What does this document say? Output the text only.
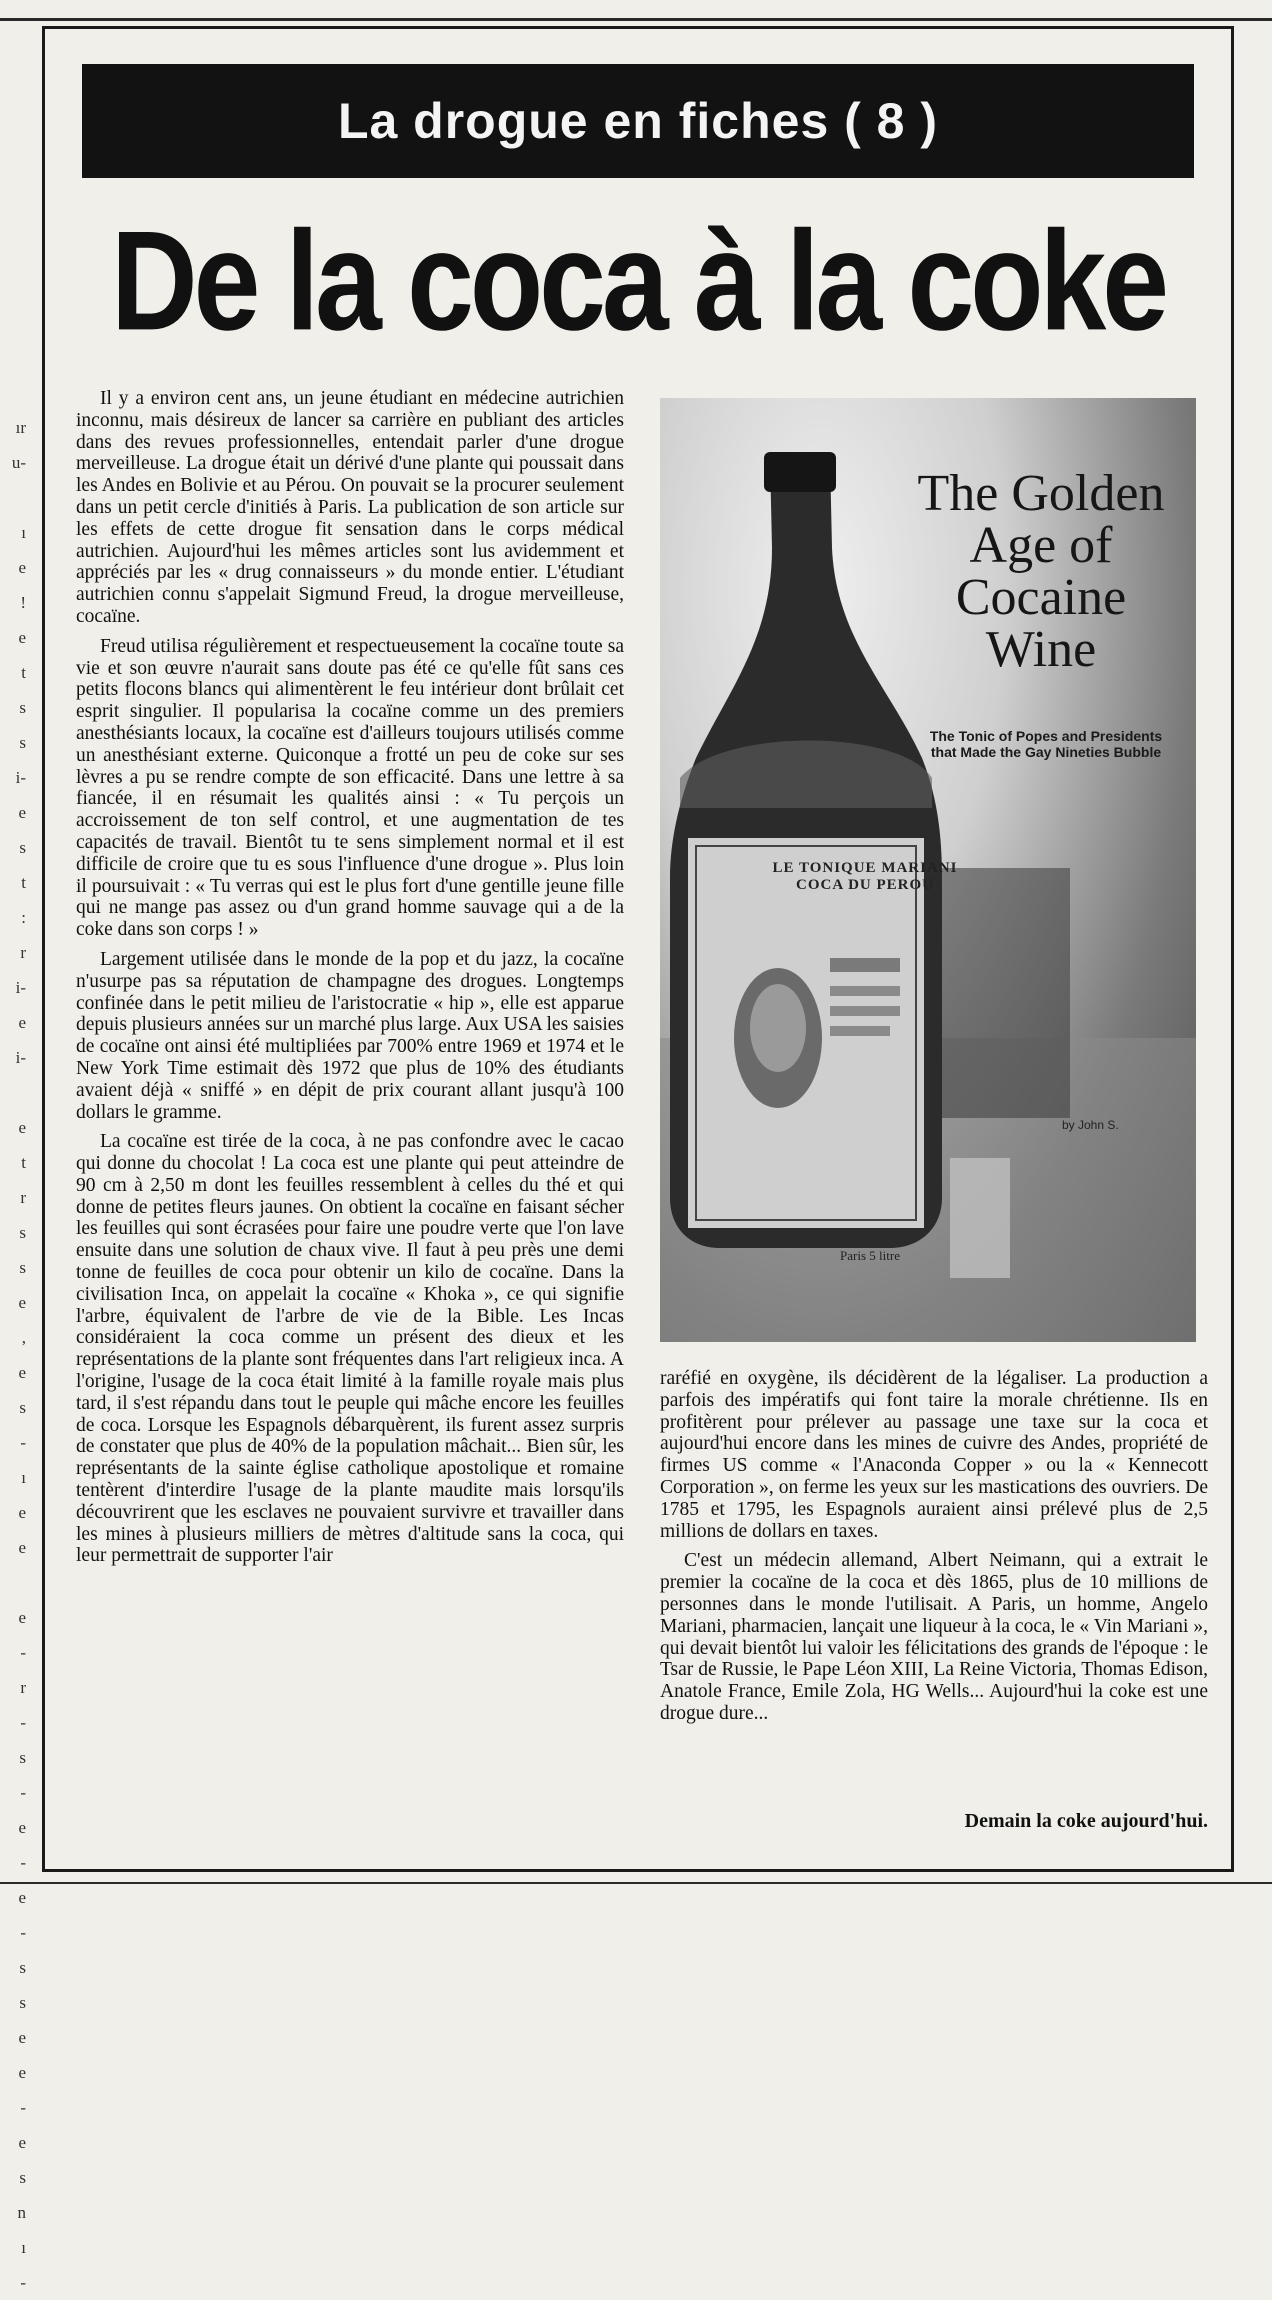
ır
u-

ı
e
!
e
t
s
s
i-
e
s
t
:
r
i-
e
i-

e
t
r
s
s
e
,
e
s
-
ı
e
e

e
-
r
-
s
-
e
-
e
-
s
s
e
e
-
e
s
n
ı
-
La drogue en fiches ( 8 )
De la coca à la coke

Il y a environ cent ans, un jeune étudiant en médecine autrichien inconnu, mais désireux de lancer sa carrière en publiant des articles dans des revues professionnelles, entendait parler d'une drogue merveilleuse. La drogue était un dérivé d'une plante qui poussait dans les Andes en Bolivie et au Pérou. On pouvait se la procurer seulement dans un petit cercle d'initiés à Paris. La publication de son article sur les effets de cette drogue fit sensation dans le corps médical autrichien. Aujourd'hui les mêmes articles sont lus avidemment et appréciés par les « drug connaisseurs » du monde entier. L'étudiant autrichien connu s'appelait Sigmund Freud, la drogue merveilleuse, cocaïne.

Freud utilisa régulièrement et respectueusement la cocaïne toute sa vie et son œuvre n'aurait sans doute pas été ce qu'elle fût sans ces petits flocons blancs qui alimentèrent le feu intérieur dont brûlait cet esprit singulier. Il popularisa la cocaïne comme un des premiers anesthésiants locaux, la cocaïne est d'ailleurs toujours utilisés comme un anesthésiant externe. Quiconque a frotté un peu de coke sur ses lèvres a pu se rendre compte de son efficacité. Dans une lettre à sa fiancée, il en résumait les qualités ainsi : « Tu perçois un accroissement de ton self control, et une augmentation de tes capacités de travail. Bientôt tu te sens simplement normal et il est difficile de croire que tu es sous l'influence d'une drogue ». Plus loin il poursuivait : « Tu verras qui est le plus fort d'une gentille jeune fille qui ne mange pas assez ou d'un grand homme sauvage qui a de la coke dans son corps ! »

Largement utilisée dans le monde de la pop et du jazz, la cocaïne n'usurpe pas sa réputation de champagne des drogues. Longtemps confinée dans le petit milieu de l'aristocratie « hip », elle est apparue depuis plusieurs années sur un marché plus large. Aux USA les saisies de cocaïne ont ainsi été multipliées par 700% entre 1969 et 1974 et le New York Time estimait dès 1972 que plus de 10% des étudiants avaient déjà « sniffé » en dépit de prix courant allant jusqu'à 100 dollars le gramme.

La cocaïne est tirée de la coca, à ne pas confondre avec le cacao qui donne du chocolat ! La coca est une plante qui peut atteindre de 90 cm à 2,50 m dont les feuilles ressemblent à celles du thé et qui donne de petites fleurs jaunes. On obtient la cocaïne en faisant sécher les feuilles qui sont écrasées pour faire une poudre verte que l'on lave ensuite dans une solution de chaux vive. Il faut à peu près une demi tonne de feuilles de coca pour obtenir un kilo de cocaïne. Dans la civilisation Inca, on appelait la cocaïne « Khoka », ce qui signifie l'arbre, équivalent de l'arbre de vie de la Bible. Les Incas considéraient la coca comme un présent des dieux et les représentations de la plante sont fréquentes dans l'art religieux inca. A l'origine, l'usage de la coca était limité à la famille royale mais plus tard, il s'est répandu dans tout le peuple qui mâche encore les feuilles de coca. Lorsque les Espagnols débarquèrent, ils furent assez surpris de constater que plus de 40% de la population mâchait... Bien sûr, les représentants de la sainte église catholique apostolique et romaine tentèrent d'interdire l'usage de la plante maudite mais lorsqu'ils découvrirent que les esclaves ne pouvaient survivre et travailler dans les mines à plusieurs milliers de mètres d'altitude sans la coca, qui leur permettrait de supporter l'air

The Golden Age of Cocaine Wine
The Tonic of Popes and Presidents that Made the Gay Nineties Bubble
LE TONIQUE MARIANI COCA DU PEROU
Paris 5 litre
by John S.

raréfié en oxygène, ils décidèrent de la légaliser. La production a parfois des impératifs qui font taire la morale chrétienne. Ils en profitèrent pour prélever au passage une taxe sur la coca et aujourd'hui encore dans les mines de cuivre des Andes, propriété de firmes US comme « l'Anaconda Copper » ou la « Kennecott Corporation », on ferme les yeux sur les mastications des ouvriers. De 1785 et 1795, les Espagnols auraient ainsi prélevé plus de 2,5 millions de dollars en taxes.

C'est un médecin allemand, Albert Neimann, qui a extrait le premier la cocaïne de la coca et dès 1865, plus de 10 millions de personnes dans le monde l'utilisait. A Paris, un homme, Angelo Mariani, pharmacien, lançait une liqueur à la coca, le « Vin Mariani », qui devait bientôt lui valoir les félicitations des grands de l'époque : le Tsar de Russie, le Pape Léon XIII, La Reine Victoria, Thomas Edison, Anatole France, Emile Zola, HG Wells... Aujourd'hui la coke est une drogue dure...

Demain la coke aujourd'hui.
